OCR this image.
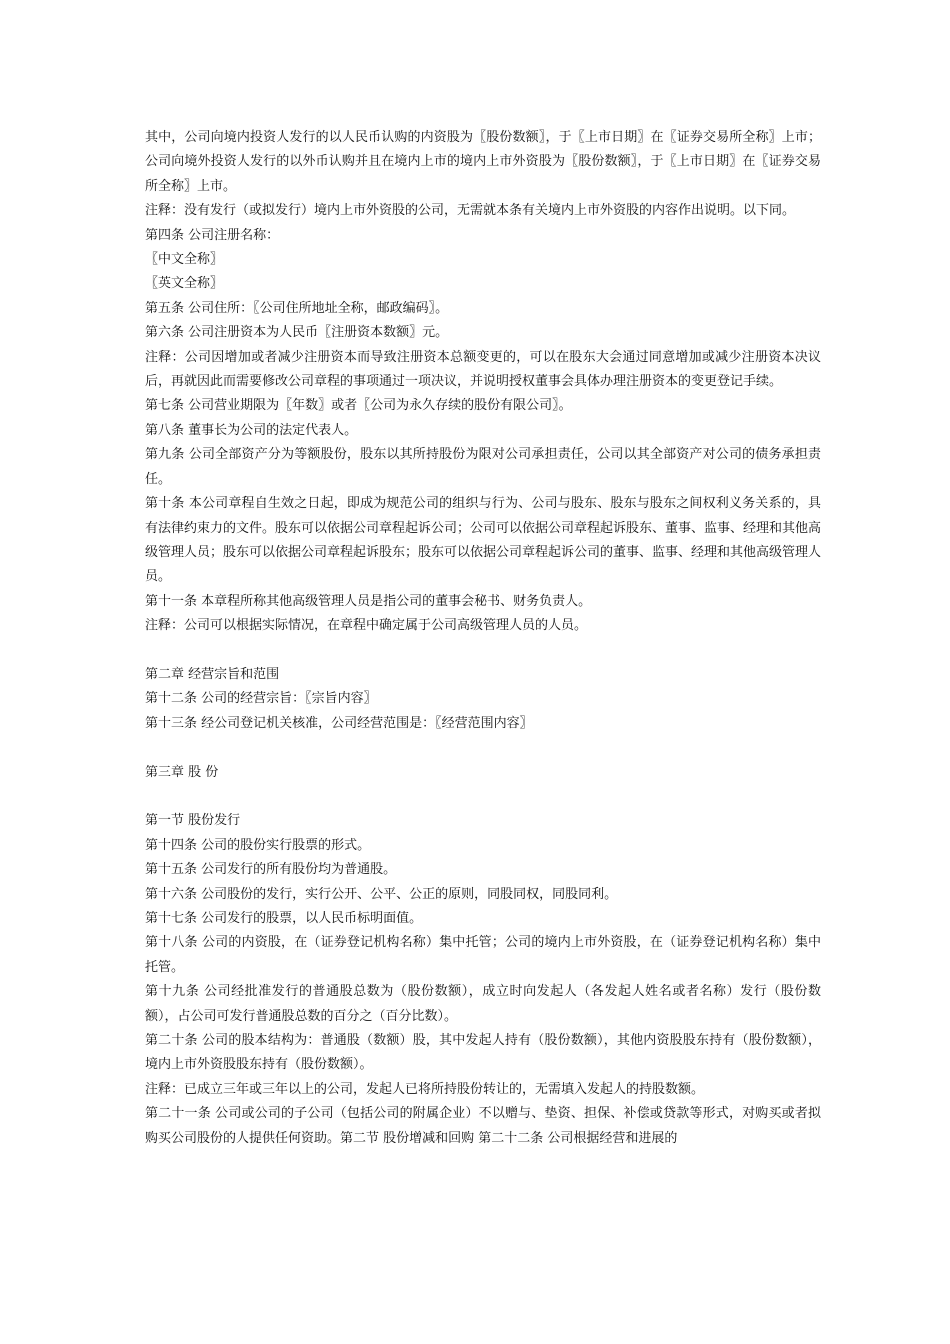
其中，公司向境内投资人发行的以人民币认购的内资股为〖股份数额〗，于〖上市日期〗在〖证券交易所全称〗上市；公司向境外投资人发行的以外币认购并且在境内上市的境内上市外资股为〖股份数额〗，于〖上市日期〗在〖证券交易所全称〗上市。

注释：没有发行（或拟发行）境内上市外资股的公司，无需就本条有关境内上市外资股的内容作出说明。以下同。

第四条 公司注册名称：

〖中文全称〗

〖英文全称〗

第五条 公司住所：〖公司住所地址全称，邮政编码〗。

第六条 公司注册资本为人民币〖注册资本数额〗元。

注释：公司因增加或者减少注册资本而导致注册资本总额变更的，可以在股东大会通过同意增加或减少注册资本决议后，再就因此而需要修改公司章程的事项通过一项决议，并说明授权董事会具体办理注册资本的变更登记手续。

第七条 公司营业期限为〖年数〗或者〖公司为永久存续的股份有限公司〗。

第八条 董事长为公司的法定代表人。

第九条 公司全部资产分为等额股份，股东以其所持股份为限对公司承担责任，公司以其全部资产对公司的债务承担责任。

第十条 本公司章程自生效之日起，即成为规范公司的组织与行为、公司与股东、股东与股东之间权利义务关系的，具有法律约束力的文件。股东可以依据公司章程起诉公司；公司可以依据公司章程起诉股东、董事、监事、经理和其他高级管理人员；股东可以依据公司章程起诉股东；股东可以依据公司章程起诉公司的董事、监事、经理和其他高级管理人员。

第十一条 本章程所称其他高级管理人员是指公司的董事会秘书、财务负责人。

注释：公司可以根据实际情况，在章程中确定属于公司高级管理人员的人员。

第二章 经营宗旨和范围

第十二条 公司的经营宗旨：〖宗旨内容〗

第十三条 经公司登记机关核准，公司经营范围是：〖经营范围内容〗

第三章 股 份

第一节 股份发行

第十四条 公司的股份实行股票的形式。

第十五条 公司发行的所有股份均为普通股。

第十六条 公司股份的发行，实行公开、公平、公正的原则，同股同权，同股同利。

第十七条 公司发行的股票，以人民币标明面值。

第十八条 公司的内资股，在（证券登记机构名称）集中托管；公司的境内上市外资股，在（证券登记机构名称）集中托管。

第十九条 公司经批准发行的普通股总数为（股份数额），成立时向发起人（各发起人姓名或者名称）发行（股份数额），占公司可发行普通股总数的百分之（百分比数）。

第二十条 公司的股本结构为：普通股（数额）股，其中发起人持有（股份数额），其他内资股股东持有（股份数额），境内上市外资股股东持有（股份数额）。

注释：已成立三年或三年以上的公司，发起人已将所持股份转让的，无需填入发起人的持股数额。

第二十一条 公司或公司的子公司（包括公司的附属企业）不以赠与、垫资、担保、补偿或贷款等形式，对购买或者拟购买公司股份的人提供任何资助。第二节 股份增减和回购 第二十二条 公司根据经营和进展的
